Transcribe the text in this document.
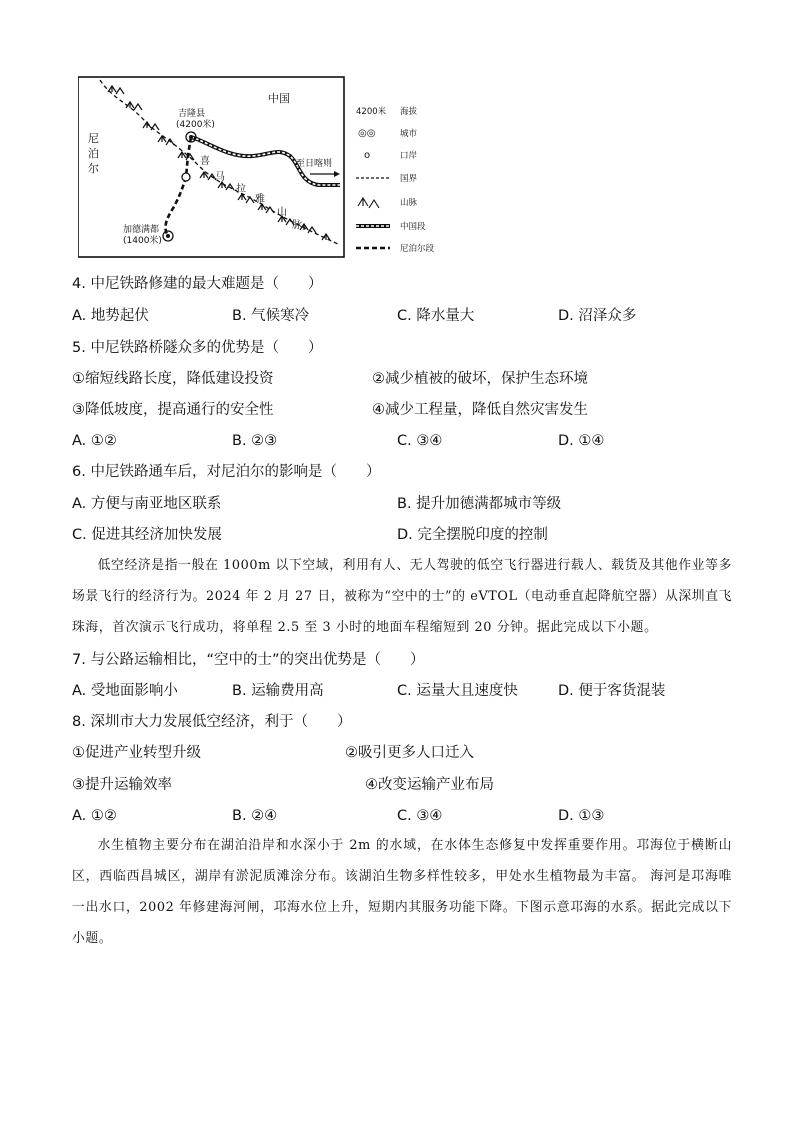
中国
尼
泊
尔	至日喀则
吉隆县
(4200米)
加德满都
(1400米)
喜
马
拉
雅
山
脉
4200米 海拔
◎◎	城市
o	口岸
国界
山脉
中国段
尼泊尔段
4. 中尼铁路修建的最大难题是（　　）
A. 地势起伏	B. 气候寒冷	C. 降水量大	D. 沼泽众多
5. 中尼铁路桥隧众多的优势是（　　）
①缩短线路长度，降低建设投资	②减少植被的破坏，保护生态环境
③降低坡度，提高通行的安全性	④减少工程量，降低自然灾害发生
A. ①②	B. ②③	C. ③④	D. ①④
6. 中尼铁路通车后，对尼泊尔的影响是（　　）
A. 方便与南亚地区联系	B. 提升加德满都城市等级
C. 促进其经济加快发展	D. 完全摆脱印度的控制

低空经济是指一般在 1000m 以下空域，利用有人、无人驾驶的低空飞行器进行载人、载货及其他作业等多场景飞行的经济行为。2024 年 2 月 27 日，被称为“空中的士”的 eVTOL（电动垂直起降航空器）从深圳直飞珠海，首次演示飞行成功，将单程 2.5 至 3 小时的地面车程缩短到 20 分钟。据此完成以下小题。

7. 与公路运输相比，“空中的士”的突出优势是（　　）
A. 受地面影响小	B. 运输费用高	C. 运量大且速度快	D. 便于客货混装
8. 深圳市大力发展低空经济，利于（　　）
①促进产业转型升级	②吸引更多人口迁入
③提升运输效率	④改变运输产业布局
A. ①②	B. ②④	C. ③④	D. ①③

水生植物主要分布在湖泊沿岸和水深小于 2m 的水域，在水体生态修复中发挥重要作用。邛海位于横断山区，西临西昌城区，湖岸有淤泥质滩涂分布。该湖泊生物多样性较多，甲处水生植物最为丰富。 海河是邛海唯一出水口，2002 年修建海河闸，邛海水位上升，短期内其服务功能下降。下图示意邛海的水系。据此完成以下小题。
